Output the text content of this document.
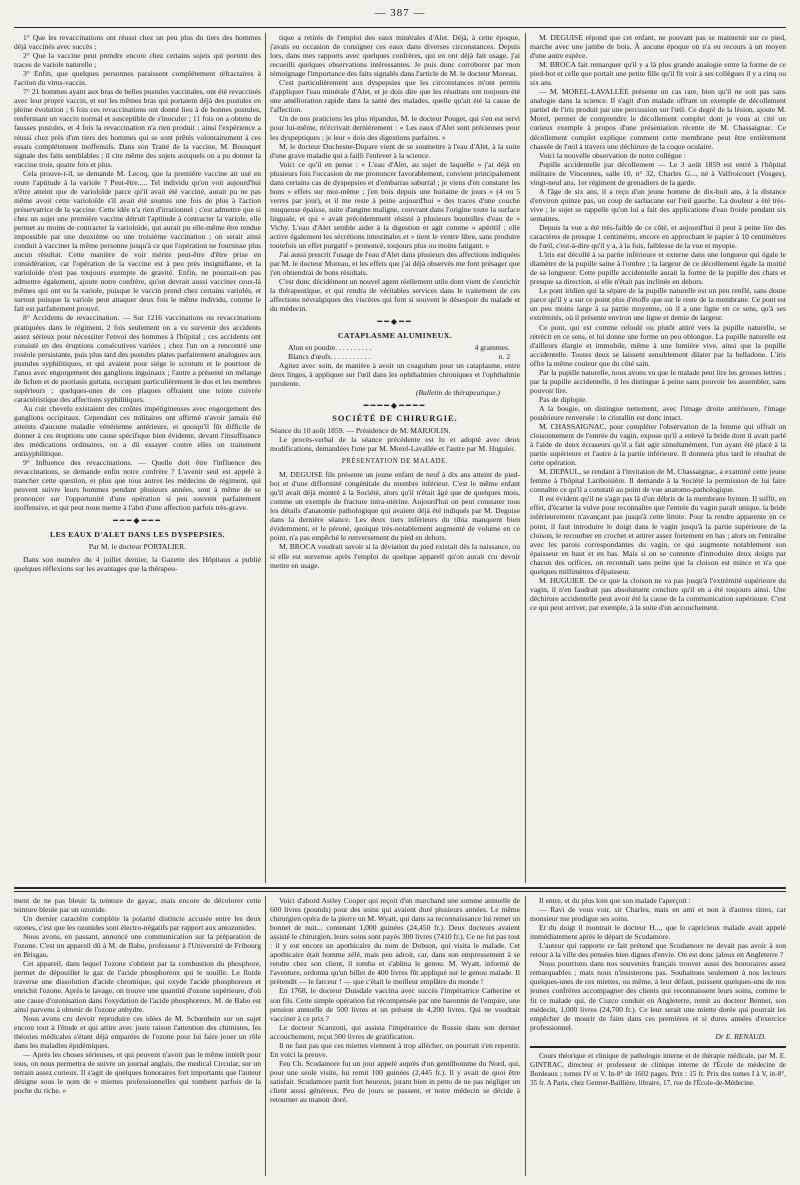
— 387 —

1° Que les revaccinations ont réussi chez un peu plus du tiers des hommes déjà vaccinés avec succès ;

2° Que la vaccine peut prendre encore chez certains sujets qui portent des traces de variole naturelle ;

3° Enfin, que quelques personnes paraissent complétement réfractaires à l'action du virus-vaccin.

7° 21 hommes ayant aux bras de belles pustules vaccinales, ont été revaccinés avec leur propre vaccin, et sur les mêmes bras qui portaient déjà des pustules en pleine évolution ; 6 fois ces revaccinations ont donné lieu à de bonnes pustules, renfermant un vaccin normal et susceptible de s'inoculer ; 11 fois on a obtenu de fausses pustules, et 4 fois la revaccination n'a rien produit : ainsi l'expérience a réussi chez près d'un tiers des hommes qui se sont prêtés volontairement à ces essais complétement inoffensifs. Dans son Traité de la vaccine, M. Bousquet signale des faits semblables ; il cite même des sujets auxquels on a pu donner la vaccine trois, quatre fois et plus.

Cela prouve-t-il, se demande M. Lecoq, que la première vaccine ait usé en route l'aptitude à la variole ? Peut-être..... Tel individu qu'on voit aujourd'hui n'être atteint que de varioloïde parce qu'il avait été vacciné, aurait pu ne pas même avoir cette varioloïde s'il avait été soumis une fois de plus à l'action préservatrice de la vaccine. Cette idée n'a rien d'irrationnel ; c'est admettre que si chez un sujet une première vaccine détruit l'aptitude à contracter la variole, elle permet au moins de contracter la varioloïde, qui aurait pu elle-même être rendue impossible par une deuxième ou une troisième vaccination ; on serait ainsi conduit à vacciner la même personne jusqu'à ce que l'opération ne fournisse plus aucun résultat. Cette manière de voir mérite peut-être d'être prise en considération, car l'opération de la vaccine est à peu près insignifiante, et la varioloïde n'est pas toujours exempte de gravité. Enfin, ne pourrait-on pas admettre également, ajoute notre confrère, qu'on devrait aussi vacciner ceux-là mêmes qui ont eu la variole, puisque le vaccin prend chez certains variolés, et surtout puisque la variole peut attaquer deux fois le même individu, comme le fait est parfaitement prouvé.

8° Accidents de revaccination. — Sur 1216 vaccinations ou revaccinations pratiquées dans le régiment, 2 fois seulement on a vu survenir des accidents assez sérieux pour nécessiter l'envoi des hommes à l'hôpital ; ces accidents ont consisté en des éruptions consécutives variées ; chez l'un on a rencontré une roséole persistante, puis plus tard des pustules plates parfaitement analogues aux pustules syphilitiques, et qui avaient pour siége le scrotum et le pourtour de l'anus avec engorgement des ganglions inguinaux ; l'autre a présenté un mélange de lichen et de psoriasis guttata, occupant particulièrement le dos et les membres supérieurs ; quelques-unes de ces plaques offraient une teinte cuivrée caractéristique des affections syphilitiques.

Au cuir chevelu existaient des croûtes impétigineuses avec engorgement des ganglions occipitaux. Cependant ces militaires ont affirmé n'avoir jamais été atteints d'aucune maladie vénérienne antérieure, et quoiqu'il fût difficile de donner à ces éruptions une cause spécifique bien évidente, devant l'insuffisance des médications ordinaires, on a dû essayer contre elles un traitement antisyphilitique.

9° Influence des revaccinations. — Quelle doit être l'influence des revaccinations, se demande enfin notre confrère ? L'avenir seul est appelé à trancher cette question, et plus que tous autres les médecins de régiment, qui peuvent suivre leurs hommes pendant plusieurs années, sont à même de se prononcer sur l'opportunité d'une opération si peu souvent parfaitement inoffensive, et qui peut nous mettre à l'abri d'une affection parfois très-grave.

━━━◆━━━
LES EAUX D'ALET DANS LES DYSPEPSIES.
Par M. le docteur PORTALIER.

Dans son numéro du 4 juillet dernier, la Gazette des Hôpitaux a publié quelques réflexions sur les avantages que la thérapeu-

tique a retirés de l'emploi des eaux minérales d'Alet. Déjà, à cette époque, j'avais eu occasion de consigner ces eaux dans diverses circonstances. Depuis lors, dans mes rapports avec quelques confrères, qui en ont déjà fait usage, j'ai recueilli quelques observations intéressantes. Je puis donc corroborer par mon témoignage l'importance des faits signalés dans l'article de M. le docteur Moreau.

C'est particulièrement aux dyspepsies que les circonstances m'ont permis d'appliquer l'eau minérale d'Alet, et je dois dire que les résultats ont toujours été une amélioration rapide dans la santé des malades, quelle qu'ait été la cause de l'affection.

Un de nos praticiens les plus répandus, M. le docteur Pouget, qui s'en est servi pour lui-même, m'écrivait dernièrement : « Les eaux d'Alet sont précieuses pour les dyspeptiques ; je leur » dois des digestions parfaites. »

M. le docteur Duchesne-Dupare vient de se soumettre à l'eau d'Alet, à la suite d'une grave maladie qui a failli l'enlever à la science.

Voici ce qu'il en pense : « L'eau d'Alet, au sujet de laquelle » j'ai déjà en plusieurs fois l'occasion de me prononcer favorablement, convient principalement dans certains cas de dyspepsies et d'embarras saburral ; je viens d'en constater les bons » effets sur moi-même ; j'en bois depuis une huitaine de jours » (4 ou 5 verres par jour), et il me reste à peine aujourd'hui » des traces d'une couche muqueuse épaisse, suite d'angine maligne, couvrant dans l'origine toute la surface linguale, et qui » avait précédemment résisté à plusieurs bouteilles d'eau de » Vichy. L'eau d'Alet semble aider à la digestion et agit comme » apéritif ; elle active également les sécrétions intestinales et » tient le ventre libre, sans produire toutefois un effet purgatif » prononcé, toujours plus ou moins fatigant. »

J'ai aussi prescrit l'usage de l'eau d'Alet dans plusieurs des affections indiquées par M. le docteur Moreau, et les effets que j'ai déjà observés me font présager que j'en obtiendrai de bons résultats.

C'est donc décidément un nouvel agent réellement utile dont vient de s'enrichir la thérapeutique, et qui rendra de véritables services dans le traitement de ces affections névralgiques des viscères qui font si souvent le désespoir du malade et du médecin.

━━◆━━
CATAPLASME ALUMINEUX.
Alun en poudre. . . . . . . . . .	4 grammes.
Blancs d'œufs. . . . . . . . . . .	n. 2

Agitez avec soin, de manière à avoir un coagulum pour un cataplasme, entre deux linges, à appliquer sur l'œil dans les ophthalmies chroniques et l'ophthalmie purulente.

(Bulletin de thérapeutique.)
━━━━◆━━━━
SOCIÉTÉ DE CHIRURGIE.

Séance du 10 août 1859. — Présidence de M. MARJOLIN.

Le procès-verbal de la séance précédente est lu et adopté avec deux modifications, demandées l'une par M. Morel-Lavallée et l'autre par M. Huguier.

PRÉSENTATION DE MALADE.

M. DEGUISE fils présente un jeune enfant de neuf à dix ans atteint de pied-bot et d'une difformité congénitale du membre inférieur. C'est le même enfant qu'il avait déjà montré à la Société, alors qu'il n'était âgé que de quelques mois, comme un exemple de fracture intra-utérine. Aujourd'hui on peut constater tous les détails d'anatomie pathologique qui avaient déjà été indiqués par M. Deguise dans la dernière séance. Les deux tiers inférieurs du tibia manquent bien évidemment, et le péroné, quoique très-notablement augmenté de volume en ce point, n'a pas empêché le renversement du pied en dehors.

M. BROCA voudrait savoir si la déviation du pied existait dès la naissance, ou si elle est survenue après l'emploi de quelque appareil qu'on aurait cru devoir mettre en usage.

M. DEGUISE répond que cet enfant, ne pouvant pas se maintenir sur ce pied, marche avec une jambe de bois. À aucune époque on n'a eu recours à un moyen d'une autre espèce.

M. BROCA fait remarquer qu'il y a là plus grande analogie entre la forme de ce pied-bot et celle que portait une petite fille qu'il fit voir à ses collègues il y a cinq ou six ans.

— M. MOREL-LAVALLÉE présente un cas rare, bien qu'il ne soit pas sans analogie dans la science. Il s'agit d'un malade offrant un exemple de décollement partiel de l'iris produit par une percussion sur l'œil. Ce degré de la lésion, ajoute M. Morel, permet de comprendre le décollement complet dont je vous ai cité un curieux exemple à propos d'une présentation récente de M. Chassaignac. Ce décollement complet explique comment cette membrane peut être entièrement chassée de l'œil à travers une déchirure de la coque oculaire.

Voici la nouvelle observation de notre collègue :

Pupille accidentelle par décollement — Le 3 août 1859 est entré à l'hôpital militaire de Vincennes, salle 10, n° 32, Charles G..., né à Valfroicourt (Vosges), vingt-neuf ans, 1er régiment de grenadiers de la garde.

A l'âge de six ans, il a reçu d'un jeune homme de dix-huit ans, à la distance d'environ quinze pas, un coup de sarbacane sur l'œil gauche. La douleur a été très-vive ; le sujet se rappelle qu'on lui a fait des applications d'eau froide pendant six semaines.

Depuis la vue a été très-faible de ce côté, et aujourd'hui il peut à peine lire des caractères de presque 1 centimètre, encore en approchant le papier à 10 centimètres de l'œil, c'est-à-dire qu'il y a, à la fois, faiblesse de la vue et myopie.

L'iris est décollé à sa partie inférieure et externe dans une longueur qui égale le diamètre de la pupille saine à l'ombre ; la largeur de ce décollement égale la moitié de sa longueur. Cette pupille accidentelle aurait la forme de la pupille des chats et presque sa direction, si elle n'était pas inclinée en dehors.

Le pont iridien qui la sépare de la pupille naturelle est un peu renflé, sans doute parce qu'il y a sur ce point plus d'étoffe que sur le reste de la membrane. Ce pont est un peu moins large à sa partie moyenne, où il a une ligne en ce sens, qu'à ses extrémités, où il présente environ une ligne et demie de largeur.

Ce pont, qui est comme refoulé ou plutôt attiré vers la pupille naturelle, se rétrécit en ce sens, et lui donne une forme un peu oblongue. La pupille naturelle est d'ailleurs élargie et immobile, même à une lumière vive, ainsi que la pupille accidentelle. Toutes deux se laissent sensiblement dilater par la belladone. L'iris offre la même couleur que du côté sain.

Par la pupille naturelle, nous avons vu que le malade peut lire les grosses lettres ; par la pupille accidentelle, il les distingue à peine sans pouvoir les assembler, sans pouvoir lire.

Pas de diplopie.

A la bougie, on distingue nettement, avec l'image droite antérieure, l'image postérieure renversée : le cristallin est donc intact.

M. CHASSAIGNAC, pour compléter l'observation de la femme qui offrait un cloisonnement de l'entrée du vagin, expose qu'il a enlevé la bride dont il avait parlé à l'aide de deux écraseurs qu'il a fait agir simultanément, l'un ayant été placé à la partie supérieure et l'autre à la partie inférieure. Il donnera plus tard le résultat de cette opération.

M. DEPAUL, se rendant à l'invitation de M. Chassaignac, a examiné cette jeune femme à l'hôpital Lariboisière. Il demande à la Société la permission de lui faire connaître ce qu'il a constaté au point de vue anatomo-pathologique.

Il est évident qu'il ne s'agit pas là d'un débris de la membrane hymen. Il suffit, en effet, d'écarter la vulve pour reconnaître que l'entrée du vagin paraît unique, la bride inférieurement n'avançant pas jusqu'à cette limite. Pour la rendre apparente en ce point, il faut introduire le doigt dans le vagin jusqu'à la partie supérieure de la cloison, le recourber en crochet et attirer assez fortement en bas ; alors on l'entraîne avec les parois correspondantes du vagin, ce qui augmente notablement son épaisseur en haut et en bas. Mais si on se contente d'introduire deux doigts par chacun des orifices, on reconnaît sans peine que la cloison est mince et n'a que quelques millimètres d'épaisseur.

M. HUGUIER. De ce que la cloison ne va pas jusqu'à l'extrémité supérieure du vagin, il n'en faudrait pas absolument conclure qu'il en a été toujours ainsi. Une déchirure accidentelle peut avoir été la cause de la communication supérieure. C'est ce qui peut arriver, par exemple, à la suite d'un accouchement.

ment de ne pas bleuir la teinture de gayac, mais encore de décolorer cette teinture bleuie par un ozonide.

Un dernier caractère complète la polarité distincte accusée entre les deux ozones, c'est que les ozonides sont électro-négatifs par rapport aux antozonides.

Nous avons, en passant, annoncé une communication sur la préparation de l'ozone. C'est un appareil dû à M. de Babo, professeur à l'Université de Fribourg en Brisgau.

Cet appareil, dans lequel l'ozone s'obtient par la combustion du phosphore, permet de dépouiller le gaz de l'acide phosphoreux qui le souille. Le fluide traverse une dissolution d'acide chromique, qui oxyde l'acide phosphoreux et enrichit l'ozone. Après le lavage, on trouve une quantité d'ozone supérieure, d'où une cause d'ozonisation dans l'oxydation de l'acide phosphoreux. M. de Babo est ainsi parvenu à obtenir de l'ozone anhydre.

Nous avons cru devoir reproduire ces idées de M. Schœnbein sur un sujet encore tout à l'étude et qui attire avec juste raison l'attention des chimistes, les théories médicales s'étant déjà emparées de l'ozone pour lui faire jouer un rôle dans les maladies épidémiques.

— Après les choses sérieuses, et qui peuvent n'avoir pas le même intérêt pour tous, on nous permettra de suivre un journal anglais, the medical Circular, sur un terrain assez curieux. Il s'agit de quelques honoraires fort importants que l'auteur désigne sous le nom de « miettes professionnelles qui tombent parfois de la poche du riche. »

Voici d'abord Astley Cooper qui reçoit d'un marchand une somme annuelle de 600 livres (pounds) pour des soins qui avaient duré plusieurs années. Le même chirurgien opéra de la pierre un M. Wyatt, qui dans sa reconnaissance lui remet un bonnet de nuit... contenant 1,000 guinées (24,450 fr.). Deux docteurs avaient assisté le chirurgien, leurs soins sont payés 300 livres (7410 fr.). Ce ne fut pas tout : il y eut encore un apothicaire du nom de Dobson, qui visita le malade. Cet apothicaire était homme zélé, mais peu adroit, car, dans son empressement à se rendre chez son client, il tomba et s'abîma le genou. M. Wyatt, informé de l'aventure, ordonna qu'un billet de 400 livres fût appliqué sur le genou malade. Il prétendit — le farceur ! — que c'était le meilleur emplâtre du monde !

En 1768, le docteur Duisdale vaccina avec succès l'impératrice Catherine et son fils. Cette simple opération fut récompensée par une baronnie de l'empire, une pension annuelle de 500 livres et un présent de 4,200 livres. Qui ne voudrait vacciner à ce prix ?

Le docteur Scanzoni, qui assista l'impératrice de Russie dans son dernier accouchement, reçut 500 livres de gratification.

Il ne faut pas que ces miettes viennent à trop allécher, on pourrait s'en repentir. En voici la preuve.

Feu Ch. Scudamore fut un jour appelé auprès d'un gentilhomme du Nord, qui, pour une seule visite, lui remit 100 guinées (2,445 fr.). Il y avait de quoi être satisfait. Scudamore partit fort heureux, jurant bien in petto de ne pas négliger un client aussi généreux. Peu de jours se passent, et notre médecin se décide à retourner au manoir doré.

Il entre, et du plus loin que son malade l'aperçoit :

— Ravi de vous voir, sir Charles, mais en ami et non à d'autres titres, car monsieur me prodigue ses soins.

Et du doigt il montrait le docteur H..., que le capricieux malade avait appelé immédiatement après le départ de Scudamore.

L'auteur qui rapporte ce fait prétend que Scudamore ne devait pas avoir à son retour à la ville des pensées bien dignes d'envie. On est donc jaloux en Angleterre ?

Nous pourrions dans nos souvenirs français trouver aussi des honoraires assez remarquables ; mais nous n'insisterons pas. Souhaitons seulement à nos lecteurs quelques-unes de ces miettes, ou même, à leur défaut, puissent quelques-uns de nos jeunes confrères accompagner des clients qui reconnaissent leurs soins, comme le fit ce malade qui, de Cuzco conduit en Angleterre, remit au docteur Bennet, son médecin, 1,000 livres (24,700 fr.). Ce leur serait une miette dorée qui pourrait les empêcher de mourir de faim dans ces premières et si dures années d'exercice professionnel.

Dr E. RENAUD.

Cours théorique et clinique de pathologie interne et de thérapie médicale, par M. E. GINTRAC, directeur et professeur de clinique interne de l'École de médecine de Bordeaux ; tomes IV et V. In-8° de 1602 pages. Prix : 15 fr. Prix des tomes I à V, in-8°, 35 fr. A Paris, chez Germer-Baillière, libraire, 17, rue de l'École-de-Médecine.
